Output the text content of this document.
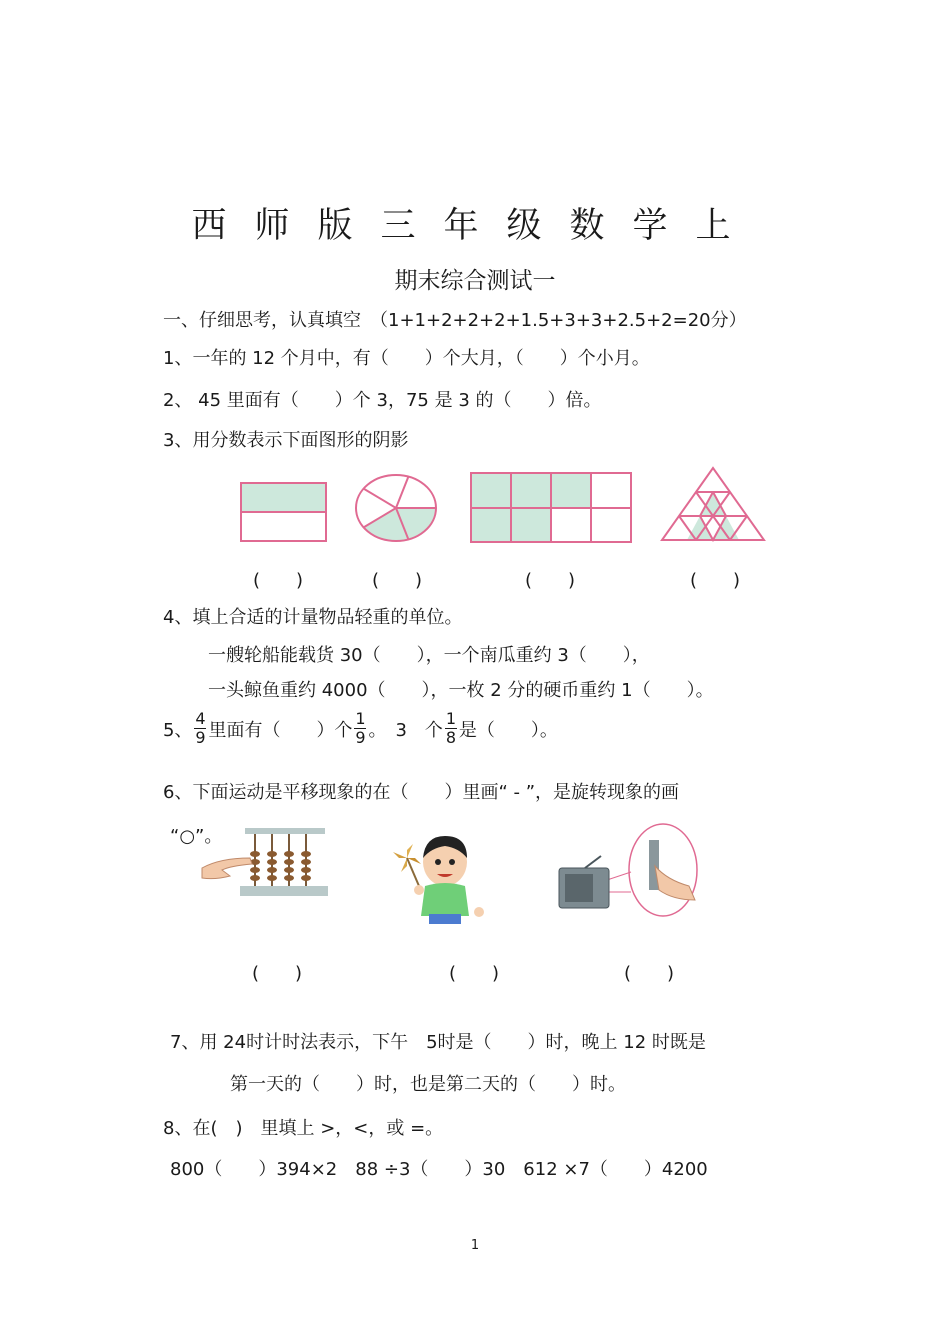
西师版三年级数学上
期末综合测试一
一、仔细思考，认真填空　（1+1+2+2+2+1.5+3+3+2.5+2=20分）
1、一年的 12 个月中，有（　　）个大月，（　　）个小月。
2、 45 里面有（　　）个 3，75 是 3 的（　　）倍。
3、用分数表示下面图形的阴影
(　　)	(　　)	(　　)	(　　)
4、填上合适的计量物品轻重的单位。
一艘轮船能载货 30（　　），一个南瓜重约 3（　　），
一头鲸鱼重约 4000（　　），一枚 2 分的硬币重约 1（　　）。
5、 $\frac{4}{9}$ 里面有（　　）个 $\frac{1}{9}$ 。　3　个 $\frac{1}{8}$ 是（　　）。
6、下面运动是平移现象的在（　　）里画“ - ”，是旋转现象的画
“○”。
(　　)	(　　)	(　　)
7、用 24时计时法表示，下午　5时是（　　）时，晚上 12 时既是
第一天的（　　）时，也是第二天的（　　）时。
8、在(　)　里填上 >，<，或 =。
800（　　）394×2　88 ÷3（　　）30　612 ×7（　　）4200
1
